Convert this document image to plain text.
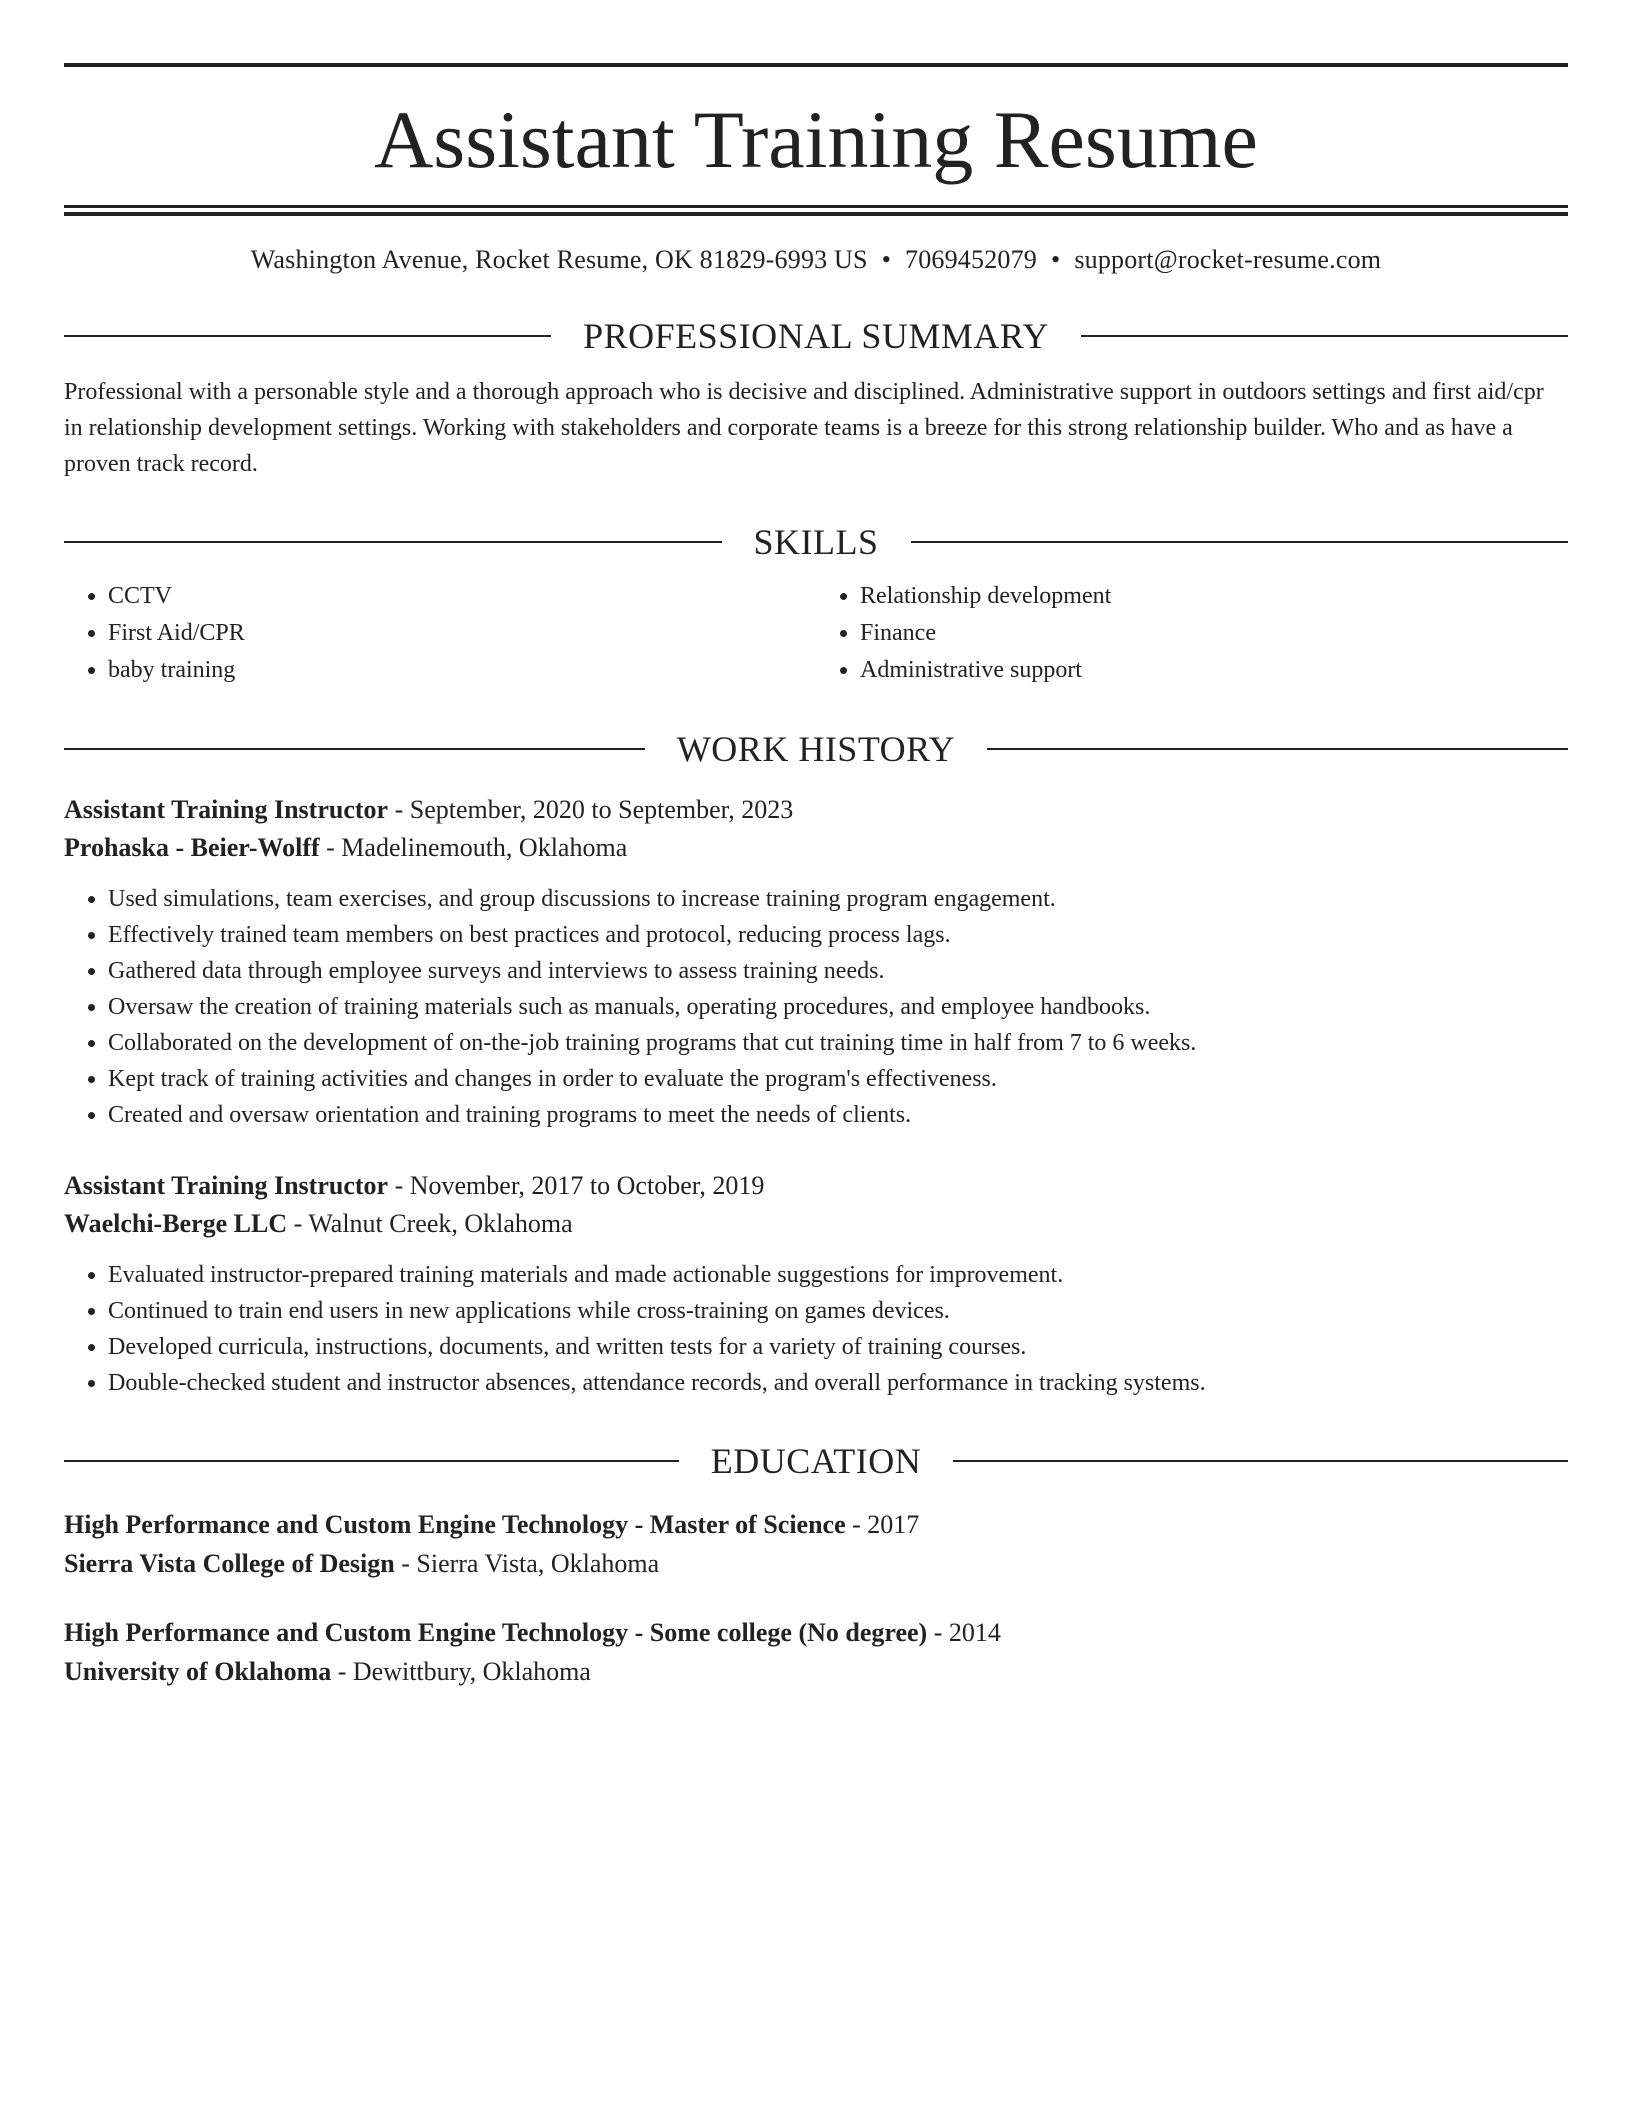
Assistant Training Resume
Washington Avenue, Rocket Resume, OK 81829-6993 US • 7069452079 • support@rocket-resume.com
PROFESSIONAL SUMMARY

Professional with a personable style and a thorough approach who is decisive and disciplined. Administrative support in outdoors settings and first aid/cpr in relationship development settings. Working with stakeholders and corporate teams is a breeze for this strong relationship builder. Who and as have a proven track record.

SKILLS
• CCTV
• First Aid/CPR
• baby training
• Relationship development
• Finance
• Administrative support
WORK HISTORY
Assistant Training Instructor - September, 2020 to September, 2023
Prohaska - Beier-Wolff - Madelinemouth, Oklahoma
• Used simulations, team exercises, and group discussions to increase training program engagement.
• Effectively trained team members on best practices and protocol, reducing process lags.
• Gathered data through employee surveys and interviews to assess training needs.
• Oversaw the creation of training materials such as manuals, operating procedures, and employee handbooks.
• Collaborated on the development of on-the-job training programs that cut training time in half from 7 to 6 weeks.
• Kept track of training activities and changes in order to evaluate the program's effectiveness.
• Created and oversaw orientation and training programs to meet the needs of clients.
Assistant Training Instructor - November, 2017 to October, 2019
Waelchi-Berge LLC - Walnut Creek, Oklahoma
• Evaluated instructor-prepared training materials and made actionable suggestions for improvement.
• Continued to train end users in new applications while cross-training on games devices.
• Developed curricula, instructions, documents, and written tests for a variety of training courses.
• Double-checked student and instructor absences, attendance records, and overall performance in tracking systems.
EDUCATION
High Performance and Custom Engine Technology - Master of Science - 2017
Sierra Vista College of Design - Sierra Vista, Oklahoma
High Performance and Custom Engine Technology - Some college (No degree) - 2014
University of Oklahoma - Dewittbury, Oklahoma
